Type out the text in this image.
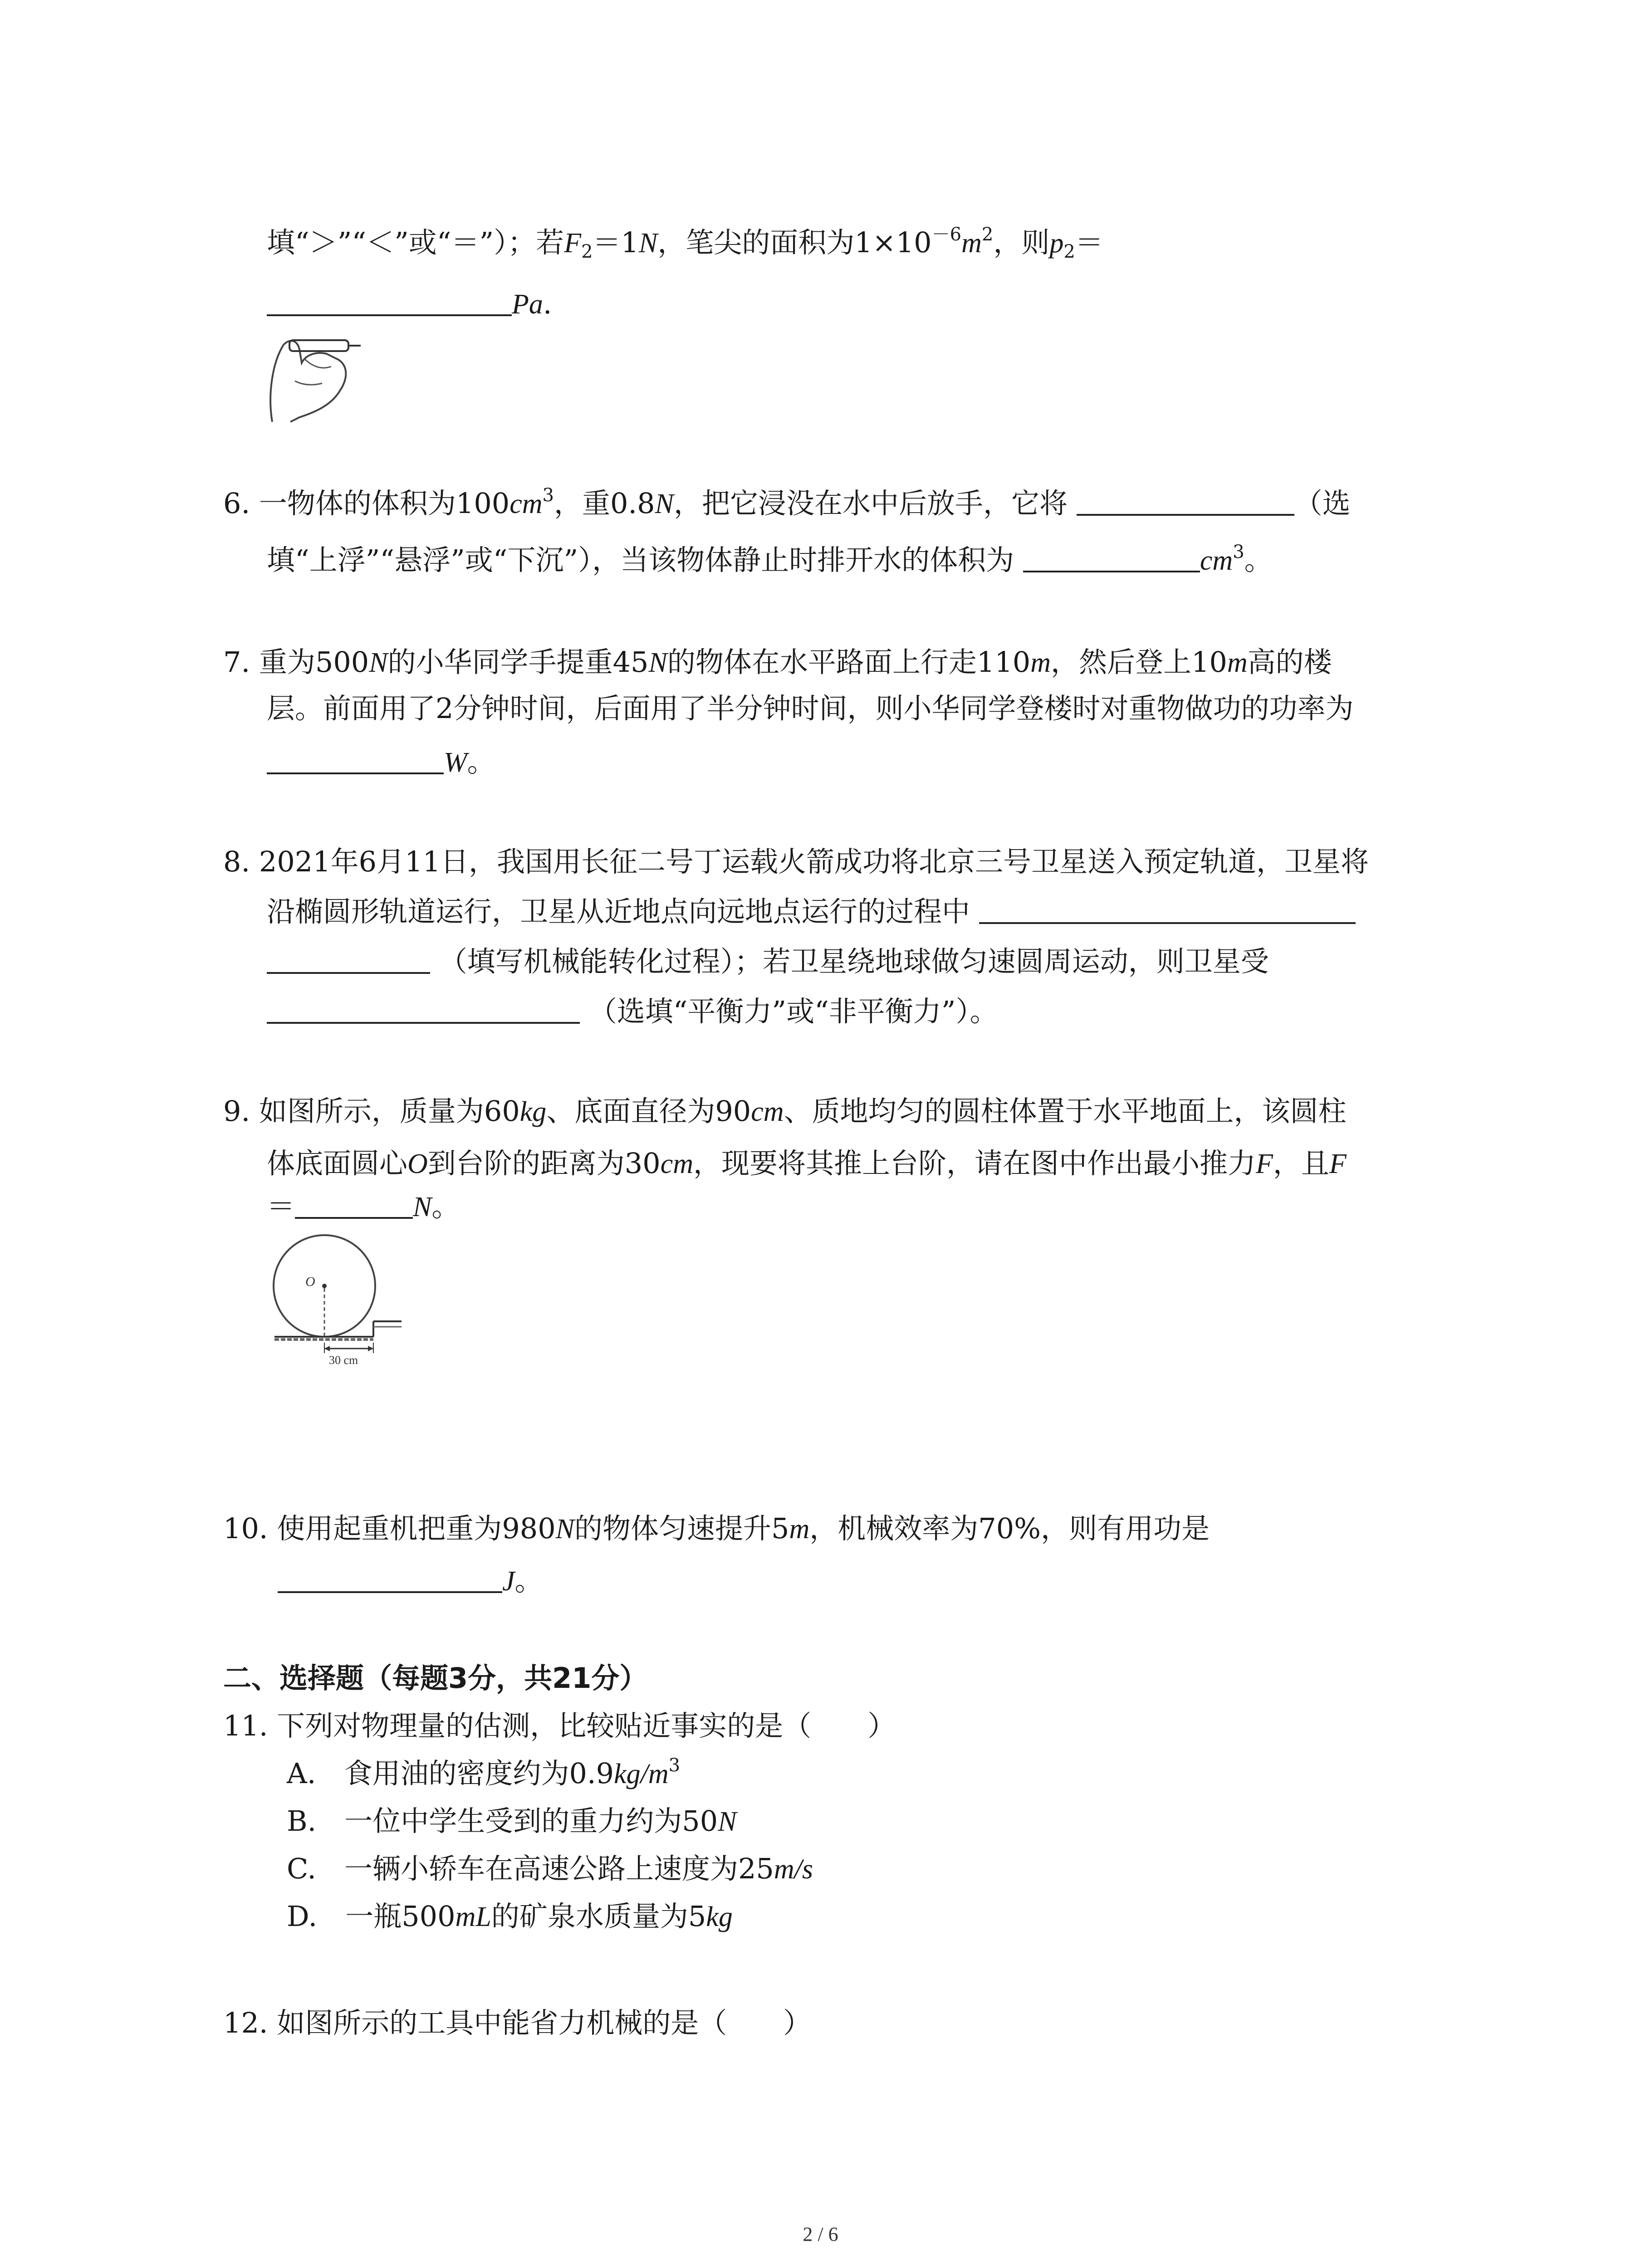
填“＞”“＜”或“＝”）；若$F_2=1N$，笔尖的面积为$1\times 10^{-6}m^2$，则$p_2=$
Pa.
6. 一物体的体积为$100cm^3$，重0.8N，把它浸没在水中后放手，它将	（选
填“上浮”“悬浮”或“下沉”），当该物体静止时排开水的体积为	$cm^3$。
7. 重为500N的小华同学手提重45N的物体在水平路面上行走110m，然后登上10m高的楼
层。前面用了2分钟时间，后面用了半分钟时间，则小华同学登楼时对重物做功的功率为
W。
8. 2021年6月11日，我国用长征二号丁运载火箭成功将北京三号卫星送入预定轨道，卫星将
沿椭圆形轨道运行，卫星从近地点向远地点运行的过程中
（填写机械能转化过程）；若卫星绕地球做匀速圆周运动，则卫星受
（选填“平衡力”或“非平衡力”）。
9. 如图所示，质量为60kg、底面直径为90cm、质地均匀的圆柱体置于水平地面上，该圆柱
体底面圆心O到台阶的距离为30cm，现要将其推上台阶，请在图中作出最小推力F，且F
＝	N。
O
30 cm
10. 使用起重机把重为980N的物体匀速提升5m，机械效率为70%，则有用功是
J。
二、选择题（每题3分，共21分）
11. 下列对物理量的估测，比较贴近事实的是（　　）
A.　 食用油的密度约为$0.9kg/m^3$
B.　 一位中学生受到的重力约为50N
C.　 一辆小轿车在高速公路上速度为25m/s
D.　 一瓶500mL的矿泉水质量为5kg
12. 如图所示的工具中能省力机械的是（　　）
2 / 6
